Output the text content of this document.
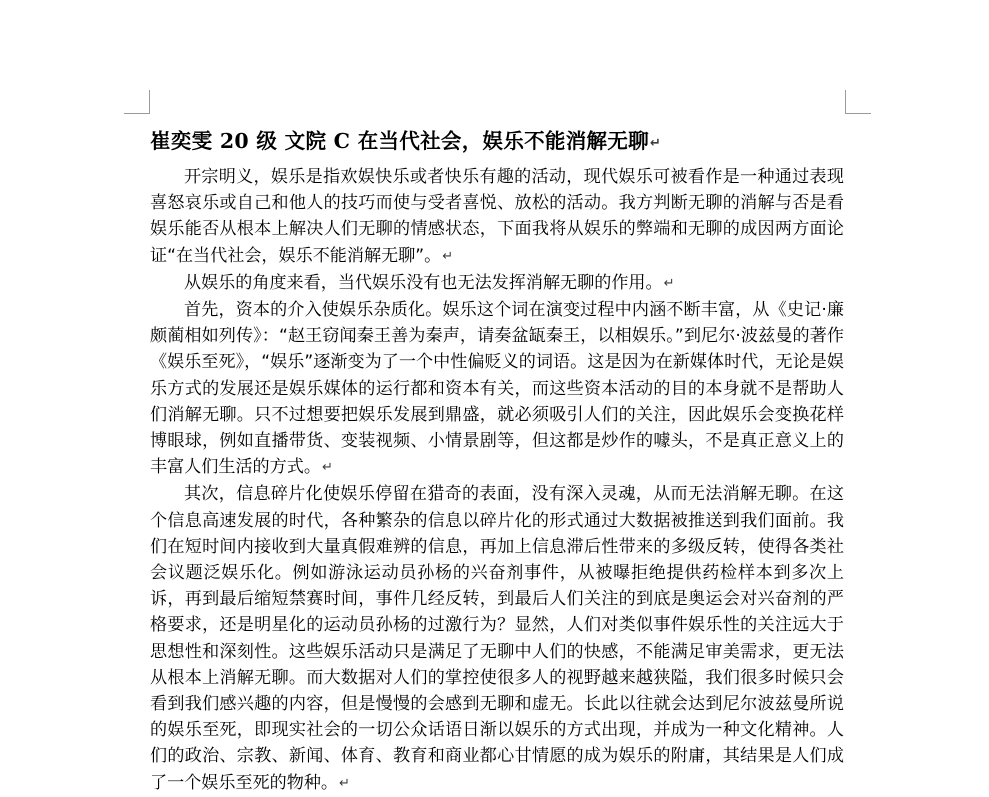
崔奕雯 20 级 文院 C 在当代社会，娱乐不能消解无聊↵

开宗明义，娱乐是指欢娱快乐或者快乐有趣的活动，现代娱乐可被看作是一种通过表现喜怒哀乐或自己和他人的技巧而使与受者喜悦、放松的活动。我方判断无聊的消解与否是看娱乐能否从根本上解决人们无聊的情感状态，下面我将从娱乐的弊端和无聊的成因两方面论证“在当代社会，娱乐不能消解无聊”。↵

从娱乐的角度来看，当代娱乐没有也无法发挥消解无聊的作用。↵

首先，资本的介入使娱乐杂质化。娱乐这个词在演变过程中内涵不断丰富，从《史记·廉颇蔺相如列传》：“赵王窃闻秦王善为秦声，请奏盆缻秦王，以相娱乐。”到尼尔·波兹曼的著作《娱乐至死》，“娱乐”逐渐变为了一个中性偏贬义的词语。这是因为在新媒体时代，无论是娱乐方式的发展还是娱乐媒体的运行都和资本有关，而这些资本活动的目的本身就不是帮助人们消解无聊。只不过想要把娱乐发展到鼎盛，就必须吸引人们的关注，因此娱乐会变换花样博眼球，例如直播带货、变装视频、小情景剧等，但这都是炒作的噱头，不是真正意义上的丰富人们生活的方式。↵

其次，信息碎片化使娱乐停留在猎奇的表面，没有深入灵魂，从而无法消解无聊。在这个信息高速发展的时代，各种繁杂的信息以碎片化的形式通过大数据被推送到我们面前。我们在短时间内接收到大量真假难辨的信息，再加上信息滞后性带来的多级反转，使得各类社会议题泛娱乐化。例如游泳运动员孙杨的兴奋剂事件，从被曝拒绝提供药检样本到多次上诉，再到最后缩短禁赛时间，事件几经反转，到最后人们关注的到底是奥运会对兴奋剂的严格要求，还是明星化的运动员孙杨的过激行为？显然，人们对类似事件娱乐性的关注远大于思想性和深刻性。这些娱乐活动只是满足了无聊中人们的快感，不能满足审美需求，更无法从根本上消解无聊。而大数据对人们的掌控使很多人的视野越来越狭隘，我们很多时候只会看到我们感兴趣的内容，但是慢慢的会感到无聊和虚无。长此以往就会达到尼尔波兹曼所说的娱乐至死，即现实社会的一切公众话语日渐以娱乐的方式出现，并成为一种文化精神。人们的政治、宗教、新闻、体育、教育和商业都心甘情愿的成为娱乐的附庸，其结果是人们成了一个娱乐至死的物种。↵
